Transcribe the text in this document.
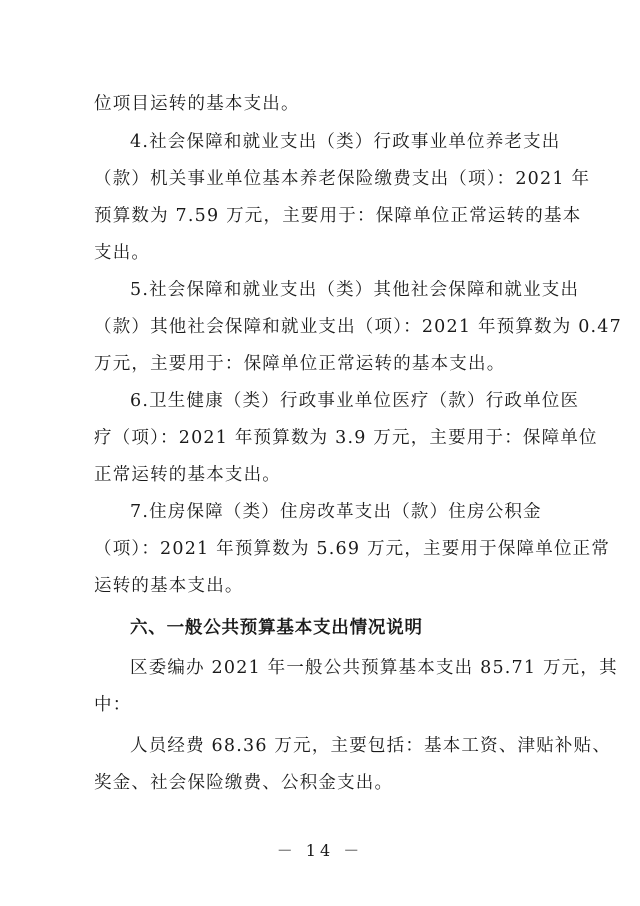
位项目运转的基本支出。
4.社会保障和就业支出（类）行政事业单位养老支出
（款）机关事业单位基本养老保险缴费支出（项）：2021 年
预算数为 7.59 万元，主要用于：保障单位正常运转的基本
支出。
5.社会保障和就业支出（类）其他社会保障和就业支出
（款）其他社会保障和就业支出（项）：2021 年预算数为 0.47
万元，主要用于：保障单位正常运转的基本支出。
6.卫生健康（类）行政事业单位医疗（款）行政单位医
疗（项）：2021 年预算数为 3.9 万元，主要用于：保障单位
正常运转的基本支出。
7.住房保障（类）住房改革支出（款）住房公积金
（项）：2021 年预算数为 5.69 万元，主要用于保障单位正常
运转的基本支出。
六、一般公共预算基本支出情况说明
区委编办 2021 年一般公共预算基本支出 85.71 万元，其
中：
人员经费 68.36 万元，主要包括：基本工资、津贴补贴、
奖金、社会保险缴费、公积金支出。
－ 14 －
